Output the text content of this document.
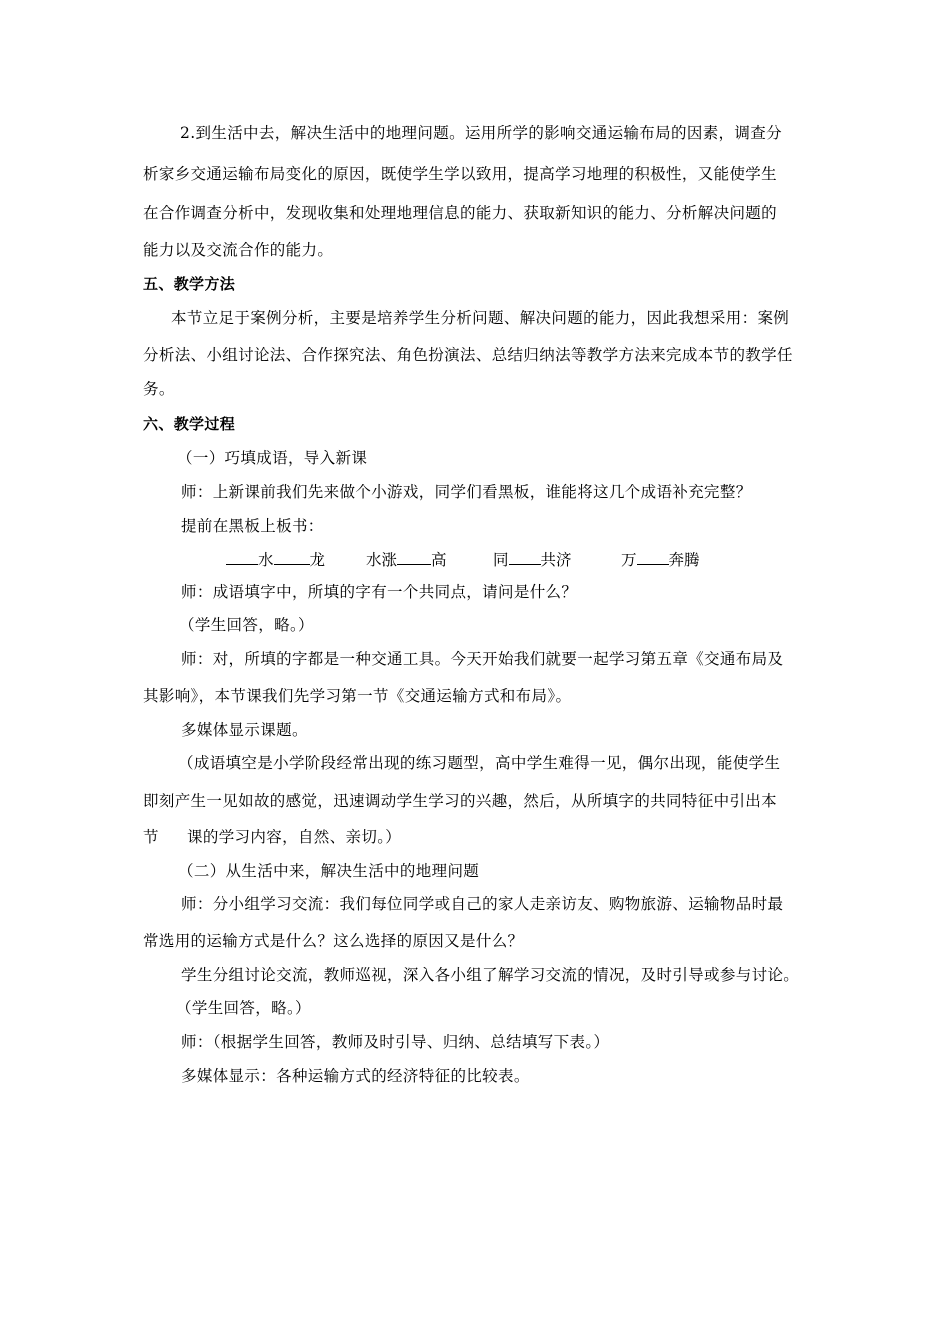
2.到生活中去，解决生活中的地理问题。运用所学的影响交通运输布局的因素，调查分
析家乡交通运输布局变化的原因，既使学生学以致用，提高学习地理的积极性，又能使学生
在合作调查分析中，发现收集和处理地理信息的能力、获取新知识的能力、分析解决问题的
能力以及交流合作的能力。
五、教学方法
本节立足于案例分析，主要是培养学生分析问题、解决问题的能力，因此我想采用：案例
分析法、小组讨论法、合作探究法、角色扮演法、总结归纳法等教学方法来完成本节的教学任
务。
六、教学过程
（一）巧填成语，导入新课
师：上新课前我们先来做个小游戏，同学们看黑板，谁能将这几个成语补充完整？
提前在黑板上板书：
水 龙	水涨 高	同 共济	万 奔腾
师：成语填字中，所填的字有一个共同点，请问是什么？
（学生回答，略。）
师：对，所填的字都是一种交通工具。今天开始我们就要一起学习第五章《交通布局及
其影响》，本节课我们先学习第一节《交通运输方式和布局》。
多媒体显示课题。
（成语填空是小学阶段经常出现的练习题型，高中学生难得一见，偶尔出现，能使学生
即刻产生一见如故的感觉，迅速调动学生学习的兴趣，然后，从所填字的共同特征中引出本
节 课的学习内容，自然、亲切。）
（二）从生活中来，解决生活中的地理问题
师：分小组学习交流：我们每位同学或自己的家人走亲访友、购物旅游、运输物品时最
常选用的运输方式是什么？这么选择的原因又是什么？
学生分组讨论交流，教师巡视，深入各小组了解学习交流的情况，及时引导或参与讨论。
（学生回答，略。）
师：（根据学生回答，教师及时引导、归纳、总结填写下表。）
多媒体显示：各种运输方式的经济特征的比较表。
